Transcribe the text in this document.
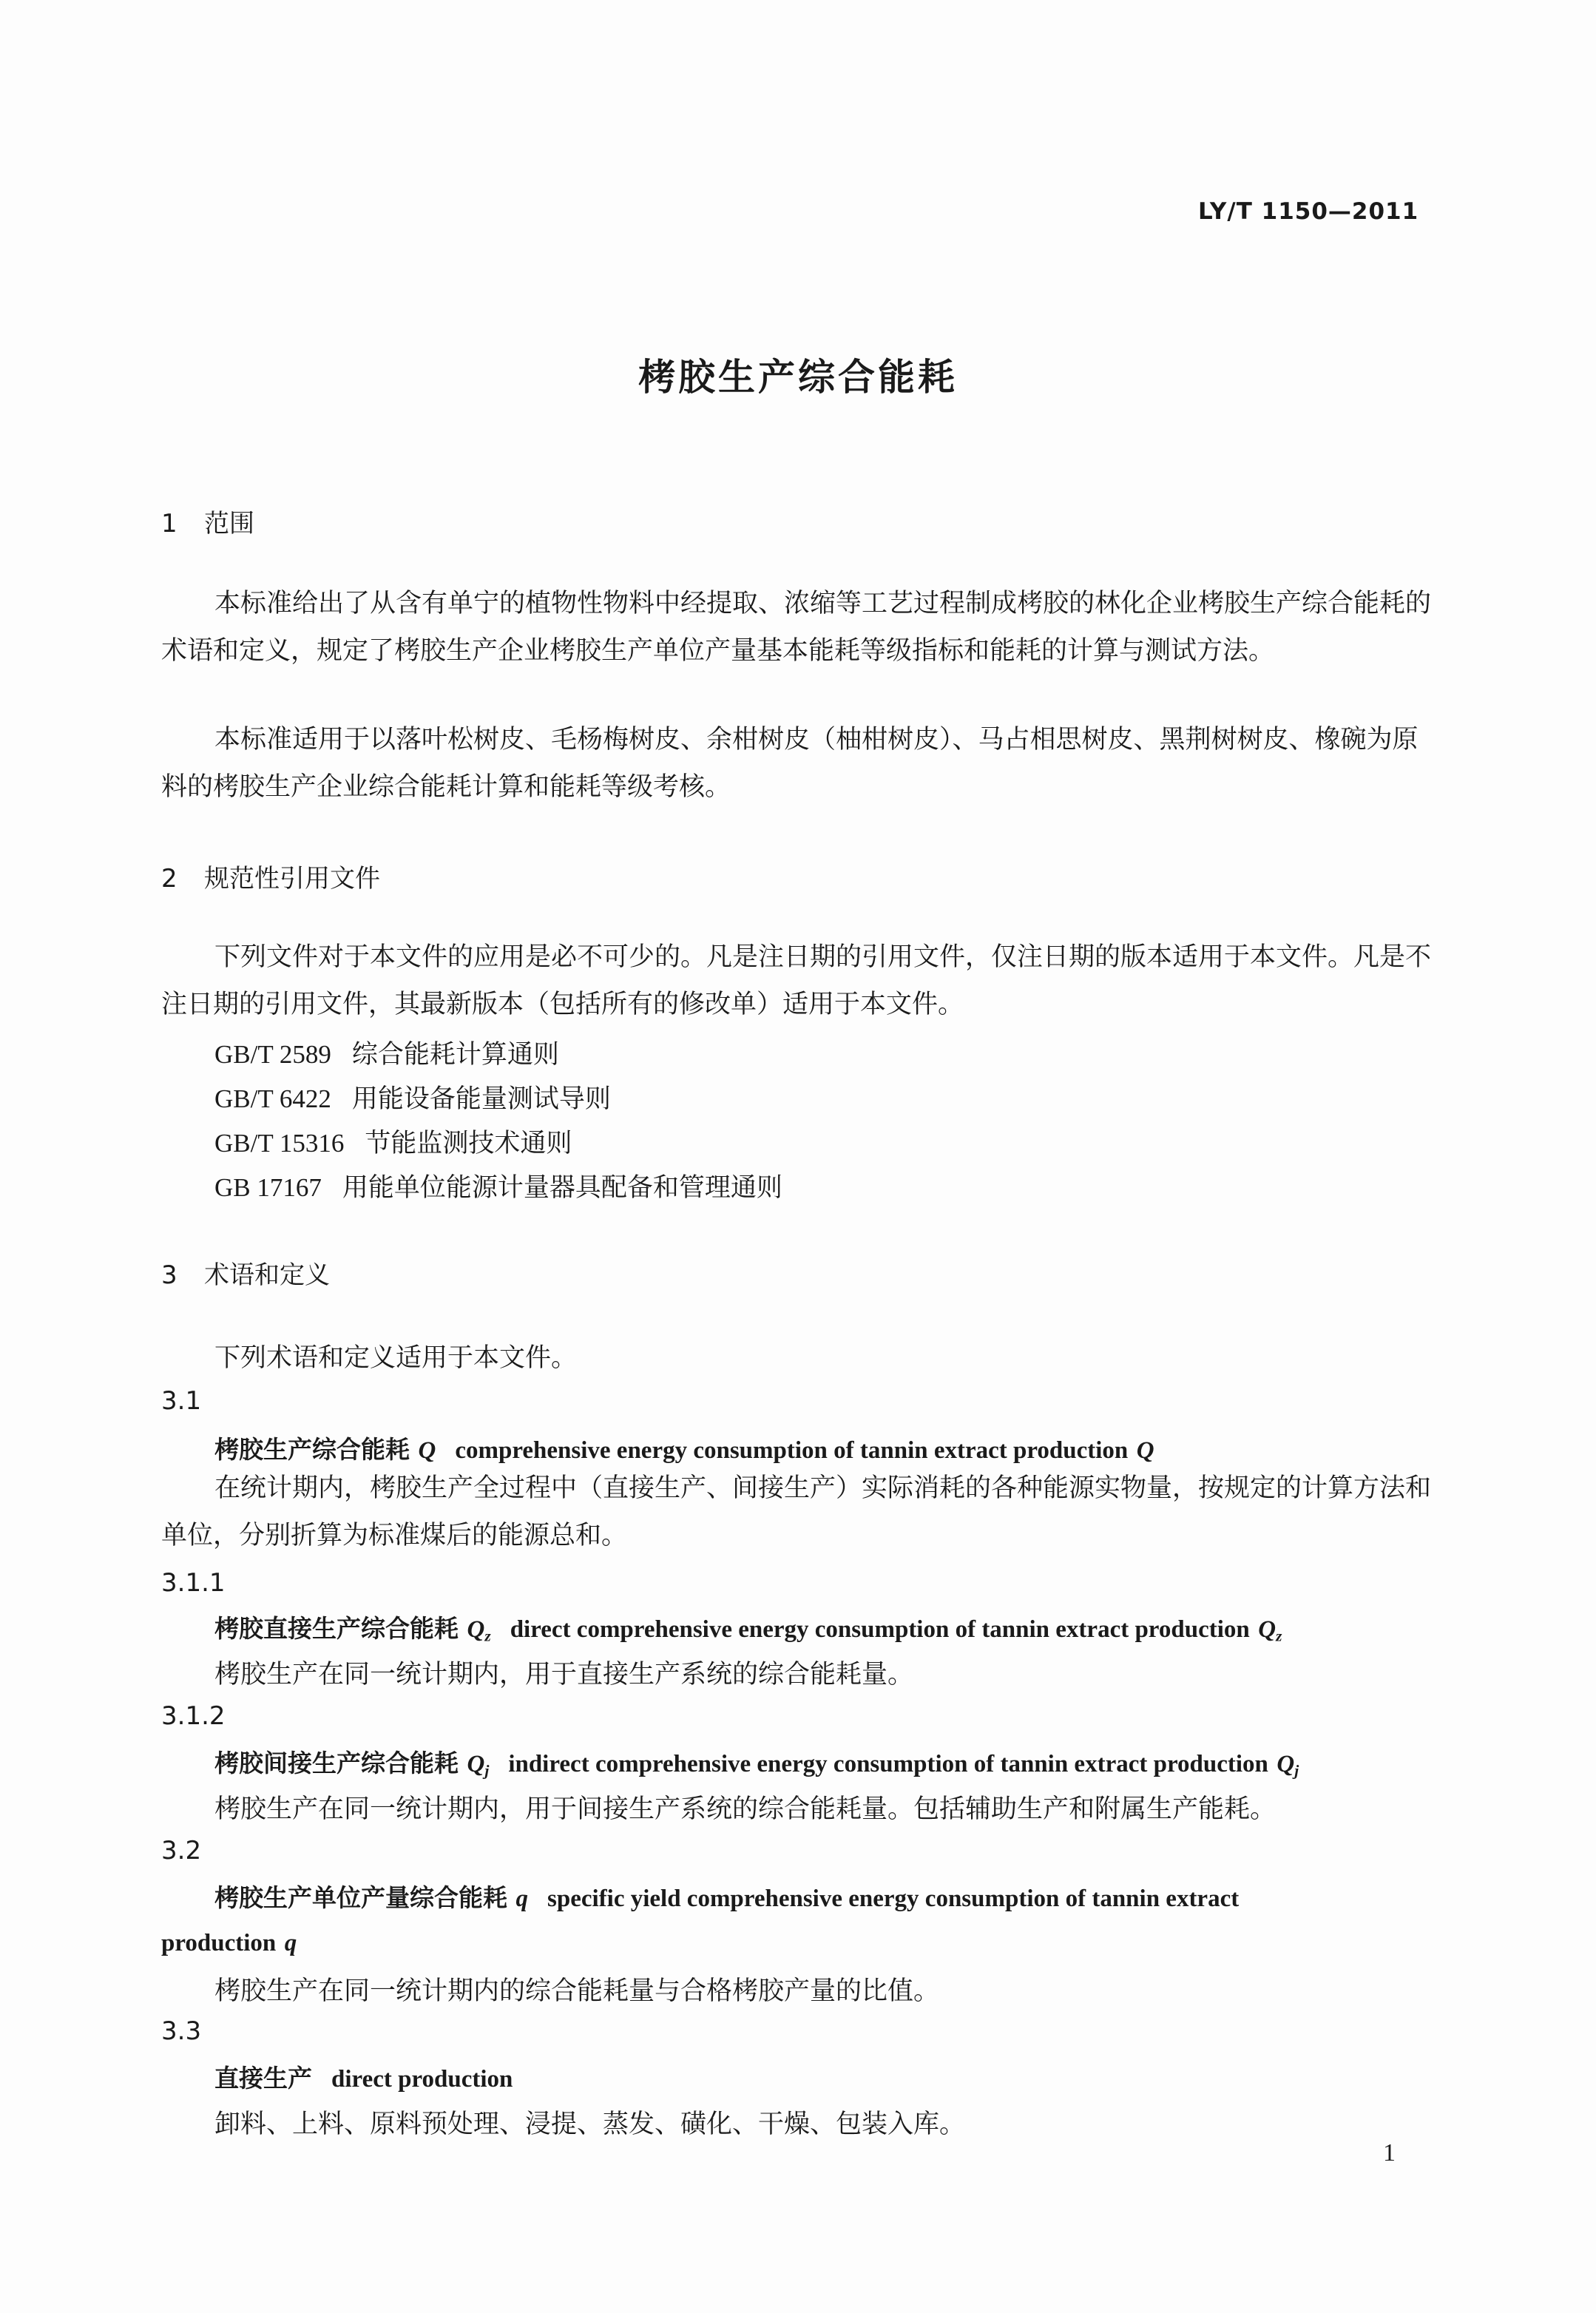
LY/T 1150—2011
栲胶生产综合能耗
1 范围
本标准给出了从含有单宁的植物性物料中经提取、浓缩等工艺过程制成栲胶的林化企业栲胶生产综合能耗的术语和定义，规定了栲胶生产企业栲胶生产单位产量基本能耗等级指标和能耗的计算与测试方法。
本标准适用于以落叶松树皮、毛杨梅树皮、余柑树皮（柚柑树皮）、马占相思树皮、黑荆树树皮、橡碗为原料的栲胶生产企业综合能耗计算和能耗等级考核。
2 规范性引用文件
下列文件对于本文件的应用是必不可少的。凡是注日期的引用文件，仅注日期的版本适用于本文件。凡是不注日期的引用文件，其最新版本（包括所有的修改单）适用于本文件。
GB/T 2589 综合能耗计算通则
GB/T 6422 用能设备能量测试导则
GB/T 15316 节能监测技术通则
GB 17167 用能单位能源计量器具配备和管理通则
3 术语和定义
下列术语和定义适用于本文件。
3.1
栲胶生产综合能耗 Q comprehensive energy consumption of tannin extract production Q
在统计期内，栲胶生产全过程中（直接生产、间接生产）实际消耗的各种能源实物量，按规定的计算方法和单位，分别折算为标准煤后的能源总和。
3.1.1
栲胶直接生产综合能耗 $Q_z$ direct comprehensive energy consumption of tannin extract production $Q_z$
栲胶生产在同一统计期内，用于直接生产系统的综合能耗量。
3.1.2
栲胶间接生产综合能耗 $Q_j$ indirect comprehensive energy consumption of tannin extract production $Q_j$
栲胶生产在同一统计期内，用于间接生产系统的综合能耗量。包括辅助生产和附属生产能耗。
3.2
栲胶生产单位产量综合能耗 q specific yield comprehensive energy consumption of tannin extract
production q
栲胶生产在同一统计期内的综合能耗量与合格栲胶产量的比值。
3.3
直接生产 direct production
卸料、上料、原料预处理、浸提、蒸发、磺化、干燥、包装入库。
1
